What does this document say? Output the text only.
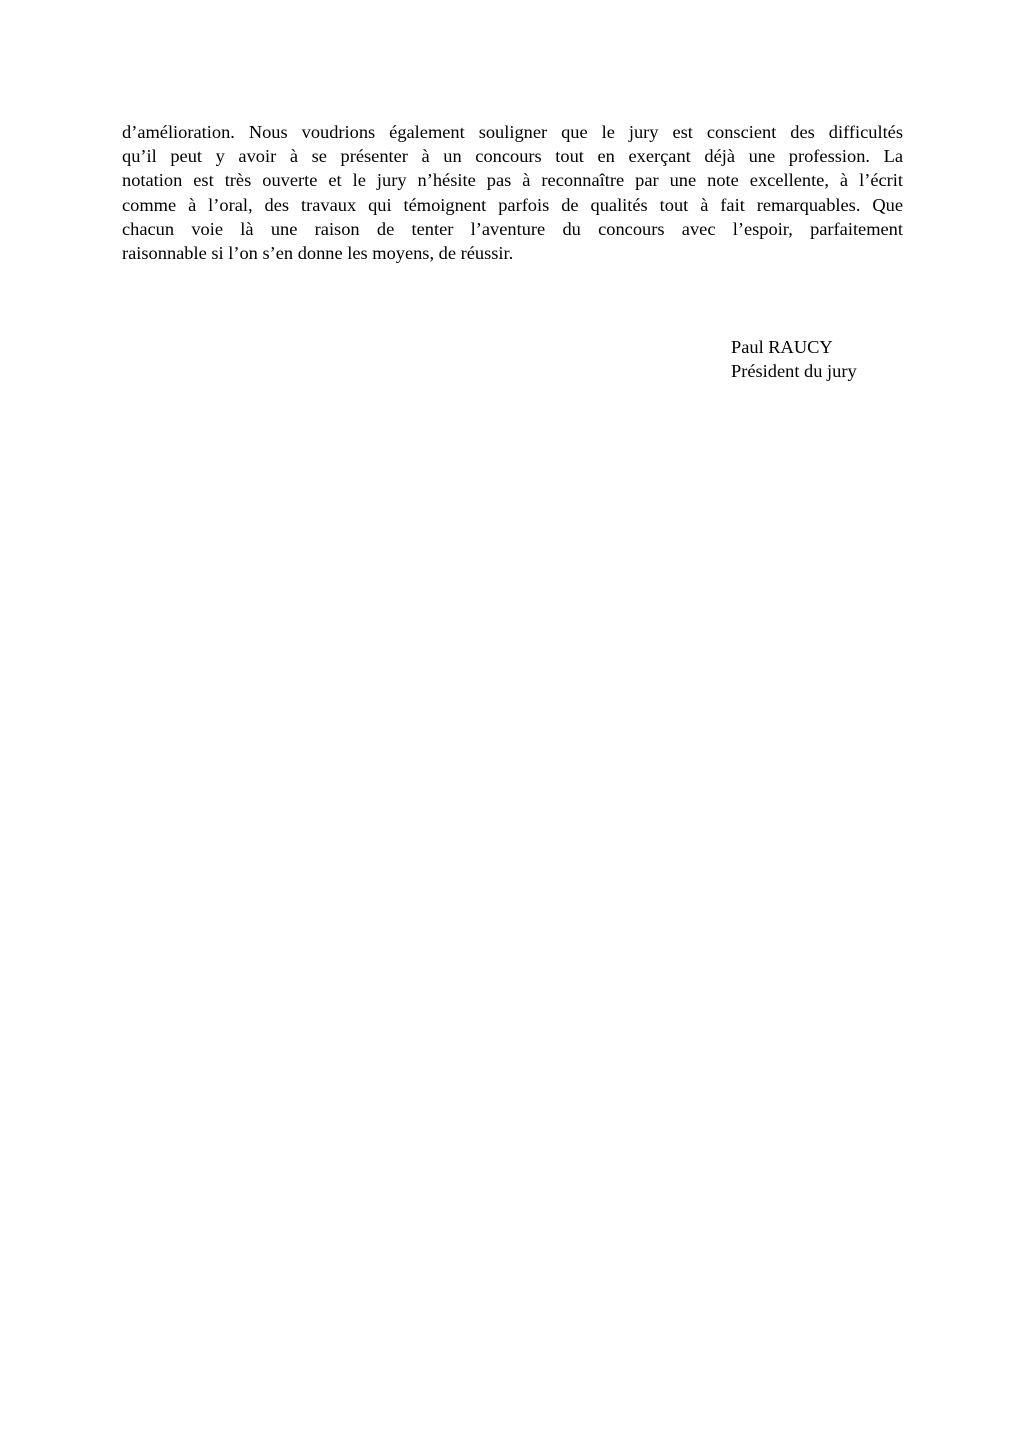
d’amélioration. Nous voudrions également souligner que le jury est conscient des difficultés
qu’il peut y avoir à se présenter à un concours tout en exerçant déjà une profession. La
notation est très ouverte et le jury n’hésite pas à reconnaître par une note excellente, à l’écrit
comme à l’oral, des travaux qui témoignent parfois de qualités tout à fait remarquables. Que
chacun voie là une raison de tenter l’aventure du concours avec l’espoir, parfaitement
raisonnable si l’on s’en donne les moyens, de réussir.

Paul RAUCY
Président du jury
